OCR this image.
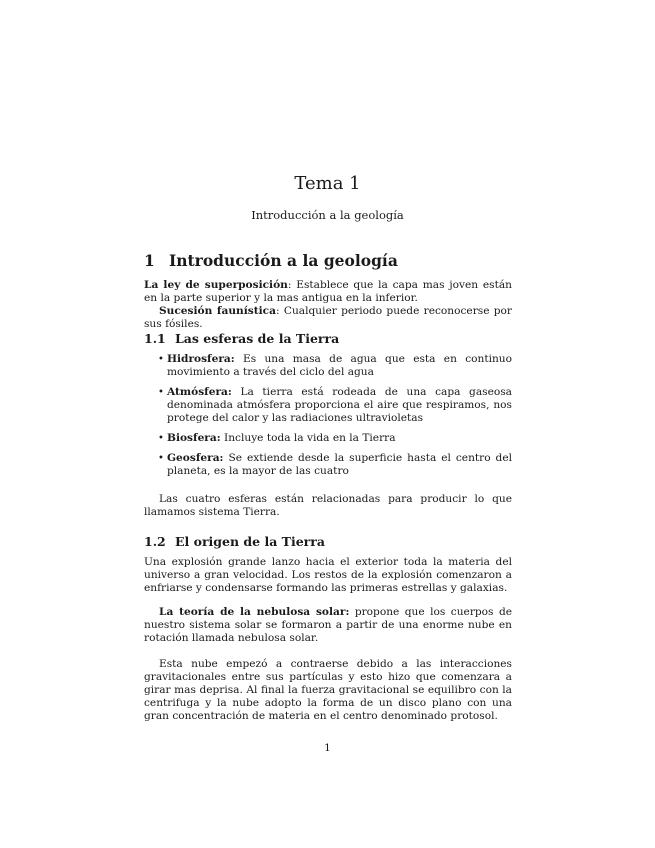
Tema 1
Introducción a la geología
1 Introducción a la geología

La ley de superposición: Establece que la capa mas joven están en la parte superior y la mas antigua en la inferior.

Sucesión faunística: Cualquier periodo puede reconocerse por sus fósiles.

1.1 Las esferas de la Tierra
• Hidrosfera: Es una masa de agua que esta en continuo movimiento a través del ciclo del agua
• Atmósfera: La tierra está rodeada de una capa gaseosa denominada atmósfera proporciona el aire que respiramos, nos protege del calor y las radiaciones ultravioletas
• Biosfera: Incluye toda la vida en la Tierra
• Geosfera: Se extiende desde la superficie hasta el centro del planeta, es la mayor de las cuatro

Las cuatro esferas están relacionadas para producir lo que llamamos sistema Tierra.

1.2 El origen de la Tierra

Una explosión grande lanzo hacia el exterior toda la materia del universo a gran velocidad. Los restos de la explosión comenzaron a enfriarse y condensarse formando las primeras estrellas y galaxias.

La teoría de la nebulosa solar: propone que los cuerpos de nuestro sistema solar se formaron a partir de una enorme nube en rotación llamada nebulosa solar.

Esta nube empezó a contraerse debido a las interacciones gravitacionales entre sus partículas y esto hizo que comenzara a girar mas deprisa. Al final la fuerza gravitacional se equilibro con la centrifuga y la nube adopto la forma de un disco plano con una gran concentración de materia en el centro denominado protosol.

1
